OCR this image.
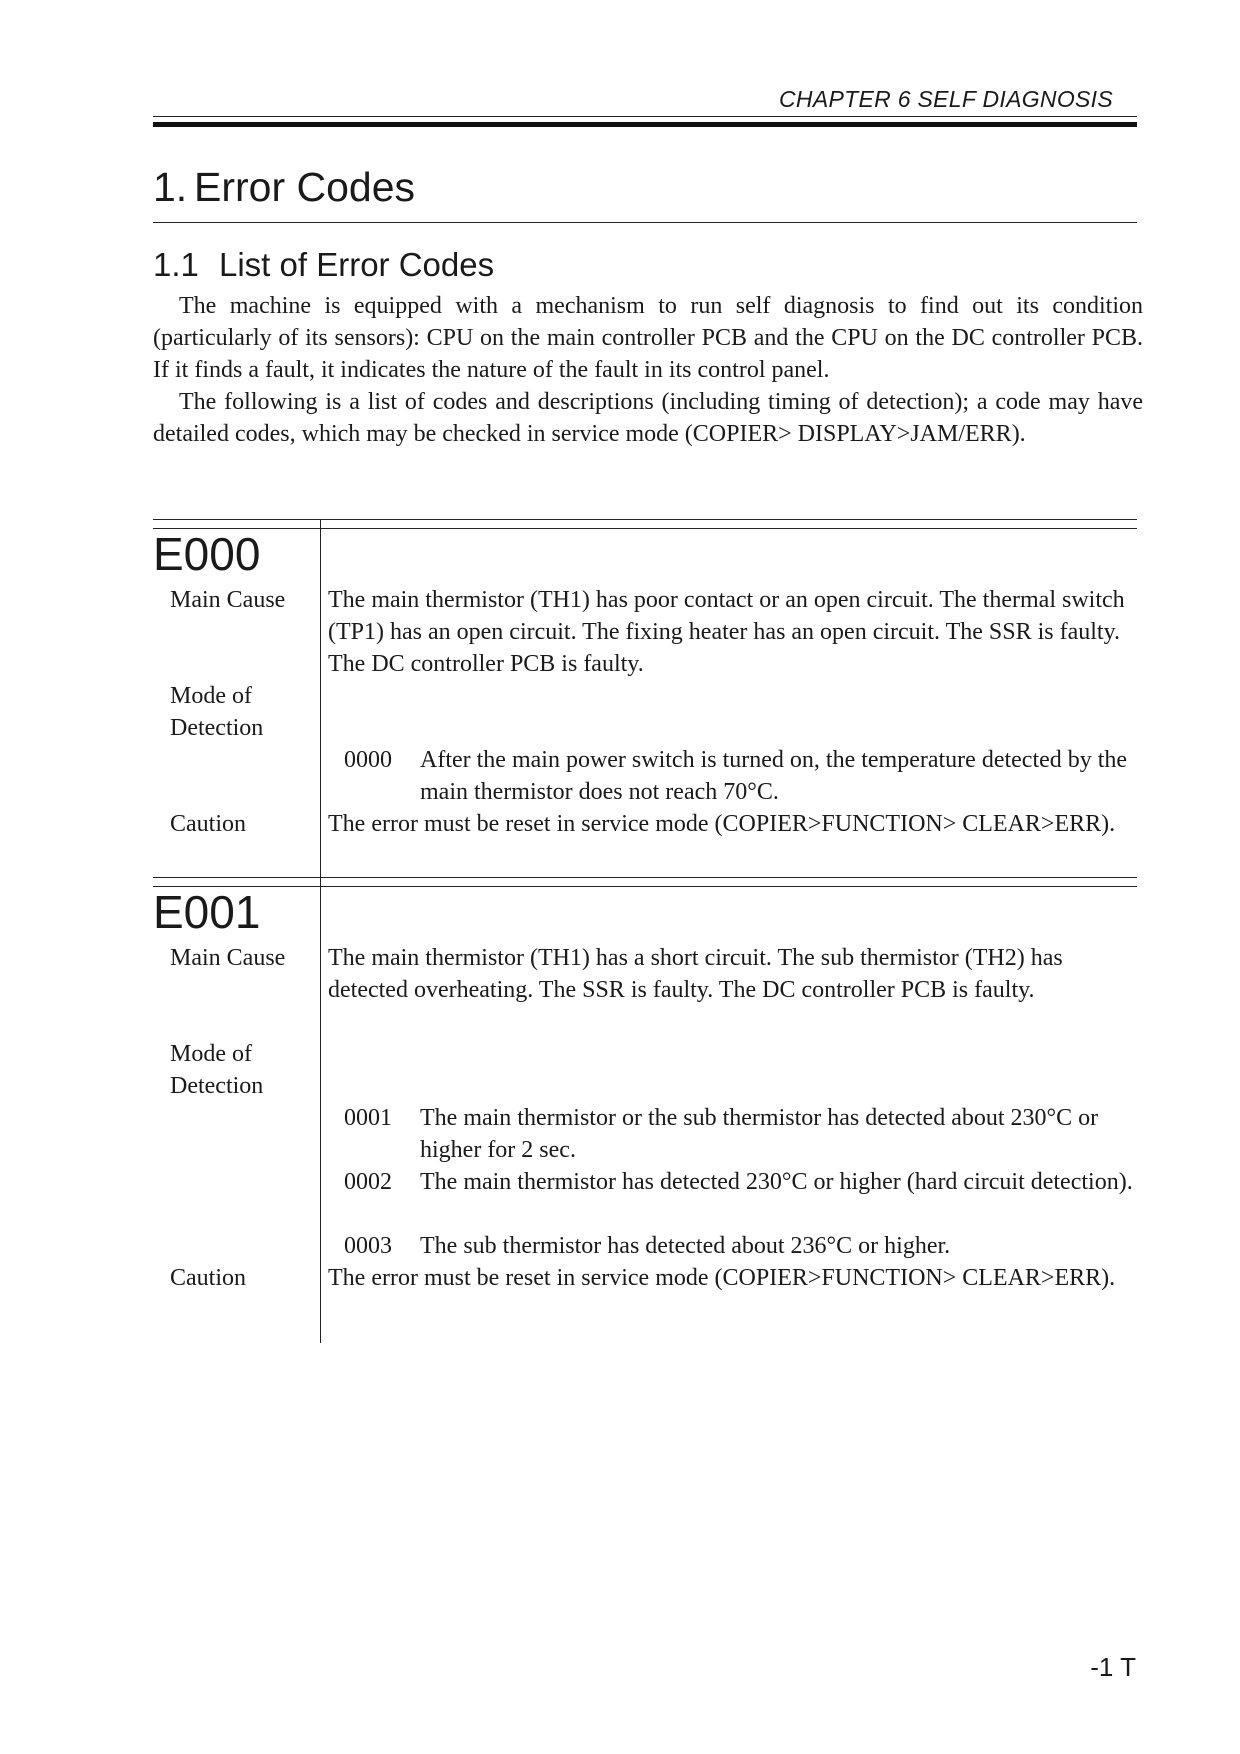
CHAPTER 6 SELF DIAGNOSIS
1. Error Codes
1.1 List of Error Codes

The machine is equipped with a mechanism to run self diagnosis to find out its condition (particularly of its sensors): CPU on the main controller PCB and the CPU on the DC controller PCB. If it finds a fault, it indicates the nature of the fault in its control panel.

The following is a list of codes and descriptions (including timing of detection); a code may have detailed codes, which may be checked in service mode (COPIER> DISPLAY>JAM/ERR).

E000
Main Cause The main thermistor (TH1) has poor contact or an open circuit. The thermal switch (TP1) has an open circuit. The fixing heater has an open circuit. The SSR is faulty. The DC controller PCB is faulty.
Mode of
Detection
0000 After the main power switch is turned on, the temperature detected by the main thermistor does not reach 70°C.
Caution	The error must be reset in service mode (COPIER>FUNCTION> CLEAR>ERR).
E001
Main Cause The main thermistor (TH1) has a short circuit. The sub thermistor (TH2) has detected overheating. The SSR is faulty. The DC controller PCB is faulty.
Mode of
Detection
0001 The main thermistor or the sub thermistor has detected about 230°C or higher for 2 sec.
0002 The main thermistor has detected 230°C or higher (hard circuit detection).
0003 The sub thermistor has detected about 236°C or higher.
Caution	The error must be reset in service mode (COPIER>FUNCTION> CLEAR>ERR).
-1 T
